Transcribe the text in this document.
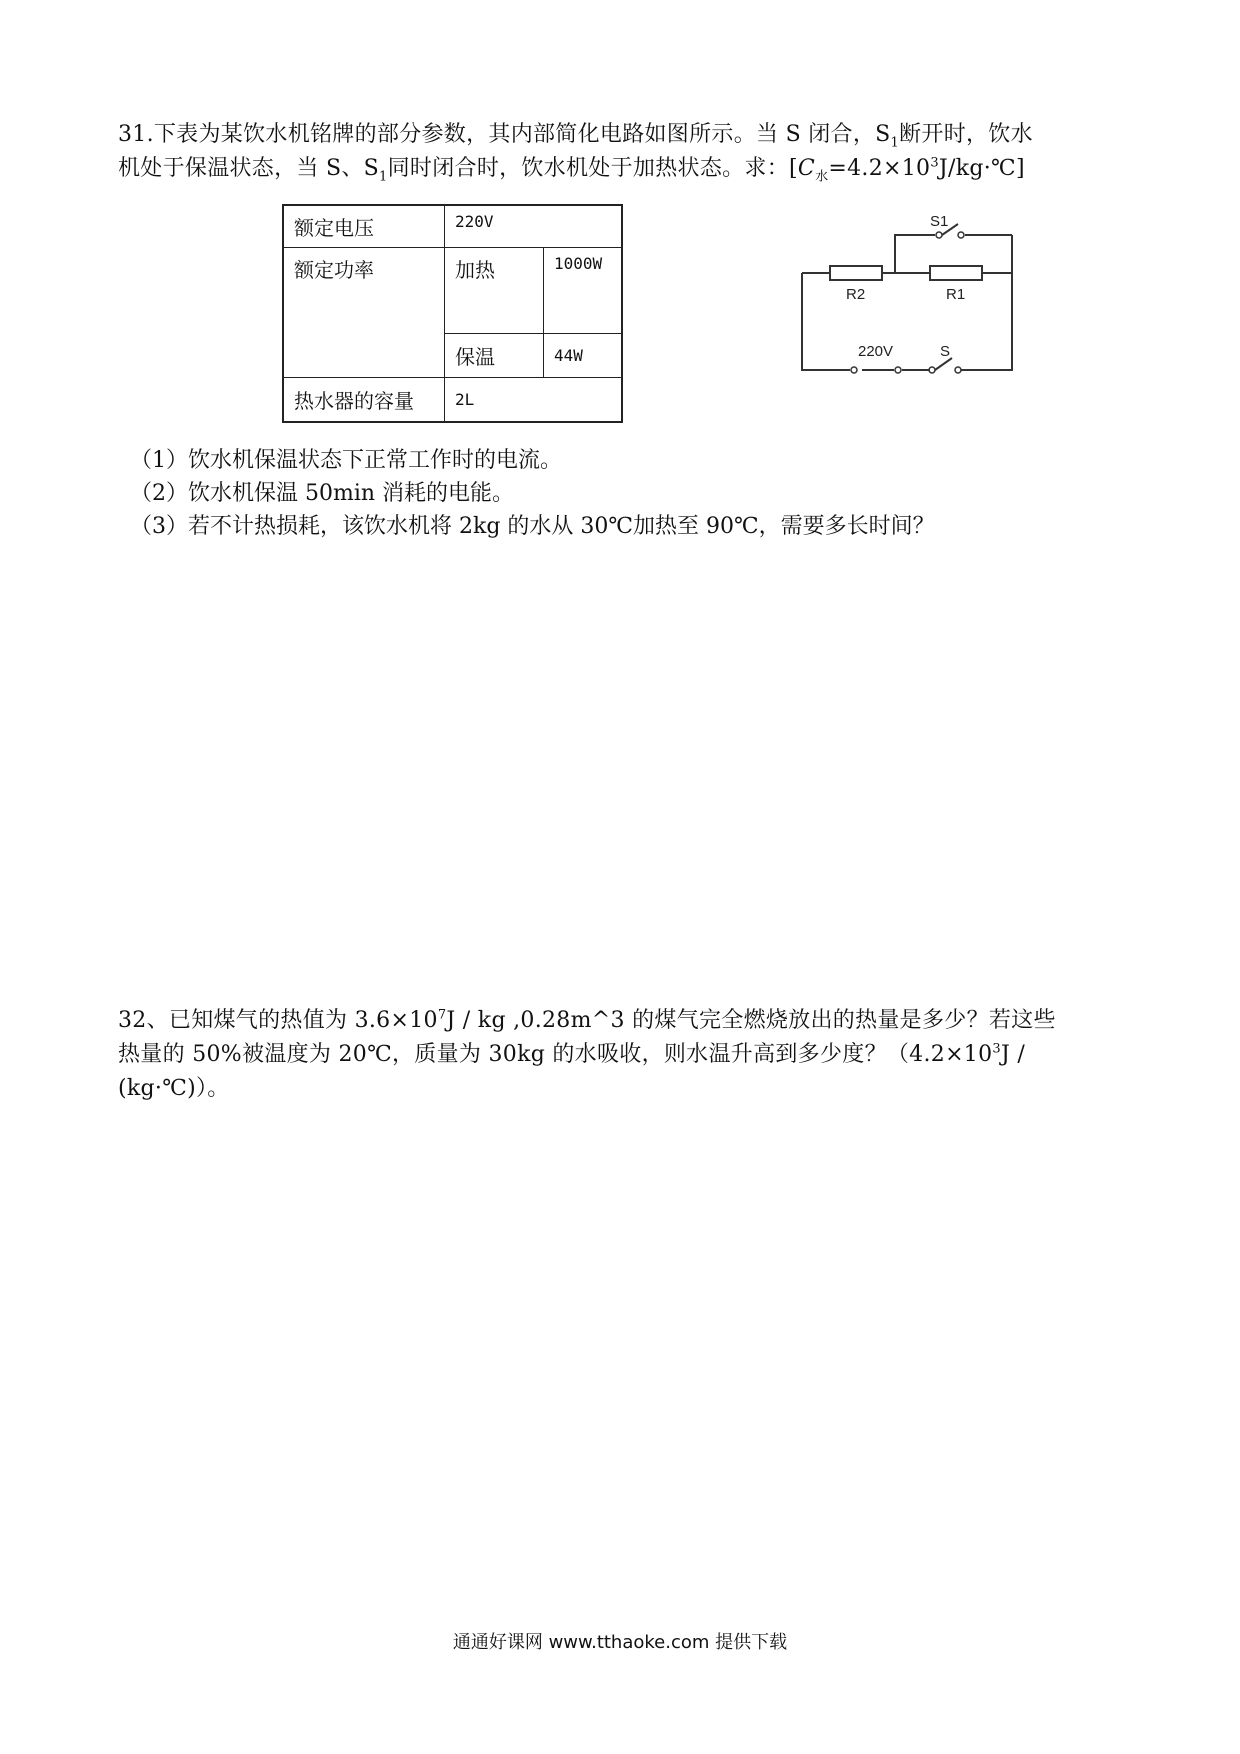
31.下表为某饮水机铭牌的部分参数，其内部简化电路如图所示。当 S 闭合，$S_1$断开时，饮水

机处于保温状态，当 S、$S_1$同时闭合时，饮水机处于加热状态。求：$[C_水=4.2\times 10^3J/kg\cdot℃]$

额定电压	220V	
额定功率	加热	1000W
	保温	44W
热水器的容量	2L	
S1
R2	R1
220V	S
（1）饮水机保温状态下正常工作时的电流。
（2）饮水机保温 50min 消耗的电能。
（3）若不计热损耗，该饮水机将 2kg 的水从 30℃加热至 90℃，需要多长时间？

32、已知煤气的热值为 $3.6\times 10^7J$ / kg ,0.28m^3 的煤气完全燃烧放出的热量是多少？若这些

热量的 50%被温度为 20℃，质量为 30kg 的水吸收，则水温升高到多少度？（$4.2\times 10^3J$ /

(kg·℃)）。

通通好课网 www.tthaoke.com 提供下载
